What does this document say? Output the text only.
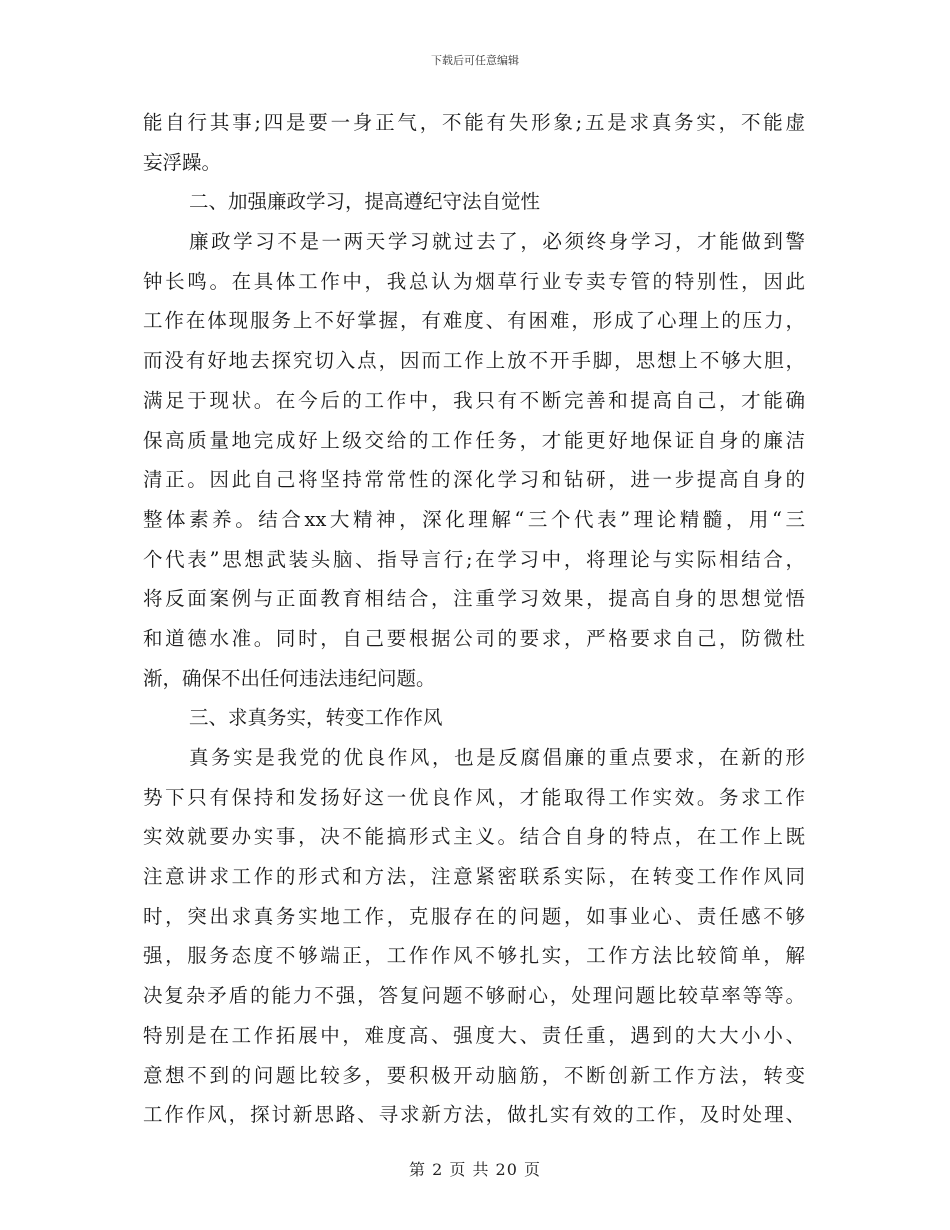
下载后可任意编辑
能自行其事;四是要一身正气，不能有失形象;五是求真务实，不能虚
妄浮躁。
二、加强廉政学习，提高遵纪守法自觉性
廉政学习不是一两天学习就过去了，必须终身学习，才能做到警
钟长鸣。在具体工作中，我总认为烟草行业专卖专管的特别性，因此
工作在体现服务上不好掌握，有难度、有困难，形成了心理上的压力，
而没有好地去探究切入点，因而工作上放不开手脚，思想上不够大胆，
满足于现状。在今后的工作中，我只有不断完善和提高自己，才能确
保高质量地完成好上级交给的工作任务，才能更好地保证自身的廉洁
清正。因此自己将坚持常常性的深化学习和钻研，进一步提高自身的
整体素养。结合xx大精神，深化理解“三个代表”理论精髓，用“三
个代表”思想武装头脑、指导言行;在学习中，将理论与实际相结合，
将反面案例与正面教育相结合，注重学习效果，提高自身的思想觉悟
和道德水准。同时，自己要根据公司的要求，严格要求自己，防微杜
渐，确保不出任何违法违纪问题。
三、求真务实，转变工作作风
真务实是我党的优良作风，也是反腐倡廉的重点要求，在新的形
势下只有保持和发扬好这一优良作风，才能取得工作实效。务求工作
实效就要办实事，决不能搞形式主义。结合自身的特点，在工作上既
注意讲求工作的形式和方法，注意紧密联系实际，在转变工作作风同
时，突出求真务实地工作，克服存在的问题，如事业心、责任感不够
强，服务态度不够端正，工作作风不够扎实，工作方法比较简单，解
决复杂矛盾的能力不强，答复问题不够耐心，处理问题比较草率等等。
特别是在工作拓展中，难度高、强度大、责任重，遇到的大大小小、
意想不到的问题比较多，要积极开动脑筋，不断创新工作方法，转变
工作作风，探讨新思路、寻求新方法，做扎实有效的工作，及时处理、
第 2 页 共 20 页
